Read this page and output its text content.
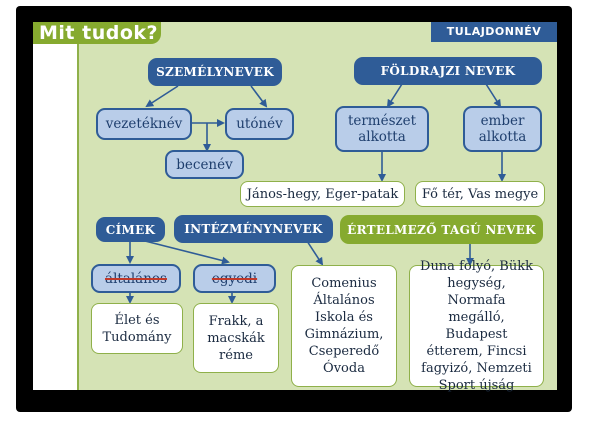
Mit tudok?	TULAJDONNÉV
SZEMÉLYNEVEK	FÖLDRAJZI NEVEK
vezetéknév	utónév
becenév
természet alkotta
ember alkotta
János-hegy, Eger-patak	Fő tér, Vas megye
CÍMEK	INTÉZMÉNYNEVEK	ÉRTELMEZŐ TAGÚ NEVEK
általános	egyedi
Élet és Tudomány
Frakk, a macskák réme
Comenius Általános Iskola és Gimnázium, Cseperedő Óvoda
Duna folyó, Bükk hegység, Normafa megálló, Budapest étterem, Fincsi fagyizó, Nemzeti Sport újság
